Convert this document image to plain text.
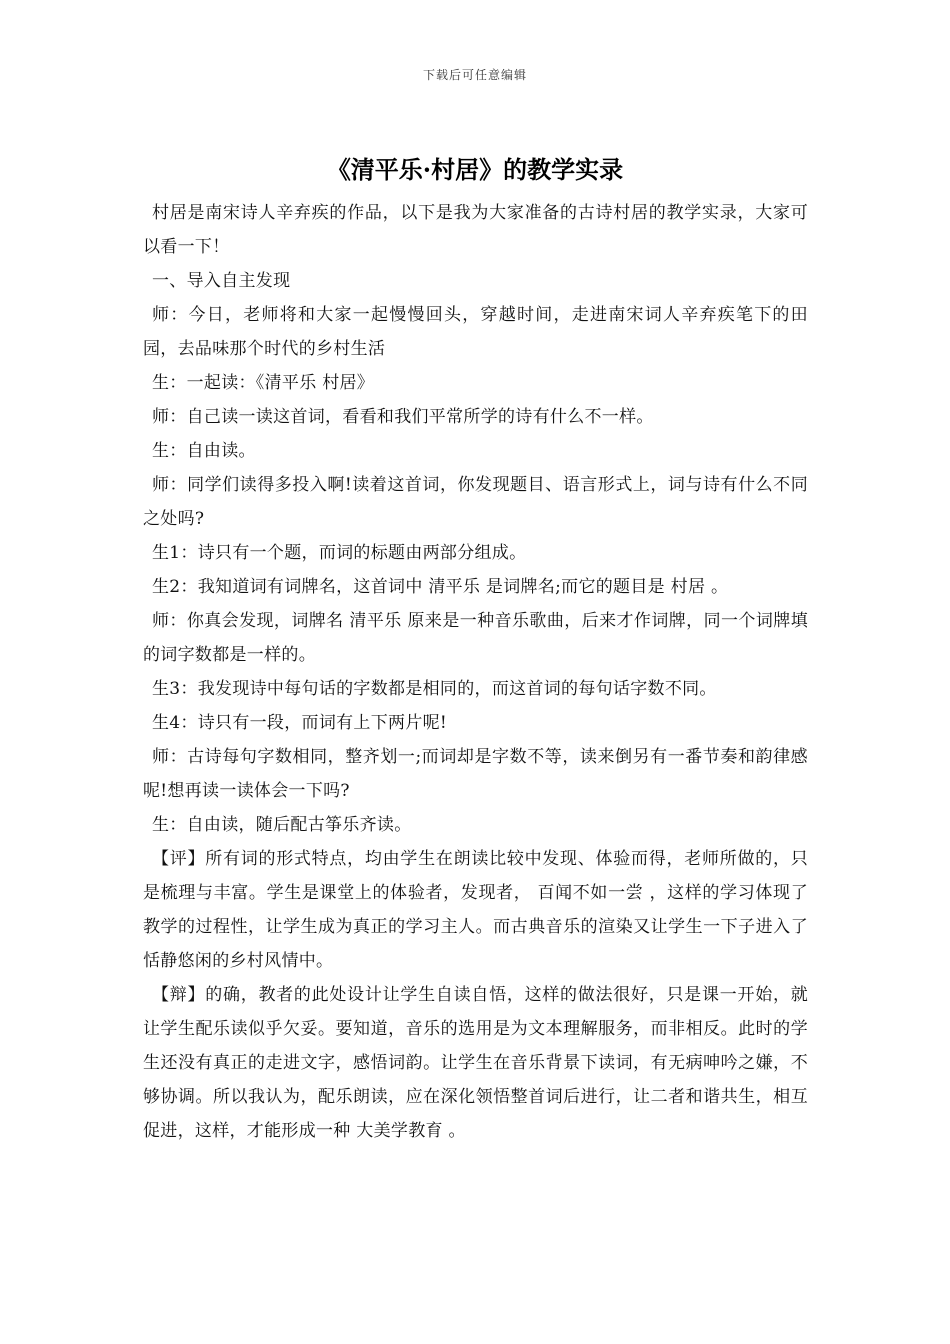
下载后可任意编辑
《清平乐·村居》的教学实录

村居是南宋诗人辛弃疾的作品，以下是我为大家准备的古诗村居的教学实录，大家可以看一下！

一、导入自主发现

师：今日，老师将和大家一起慢慢回头，穿越时间，走进南宋词人辛弃疾笔下的田园，去品味那个时代的乡村生活

生：一起读：《清平乐 村居》

师：自己读一读这首词，看看和我们平常所学的诗有什么不一样。

生：自由读。

师：同学们读得多投入啊!读着这首词，你发现题目、语言形式上，词与诗有什么不同之处吗?

生1：诗只有一个题，而词的标题由两部分组成。

生2：我知道词有词牌名，这首词中 清平乐 是词牌名;而它的题目是 村居 。

师：你真会发现，词牌名 清平乐 原来是一种音乐歌曲，后来才作词牌，同一个词牌填的词字数都是一样的。

生3：我发现诗中每句话的字数都是相同的，而这首词的每句话字数不同。

生4：诗只有一段，而词有上下两片呢!

师：古诗每句字数相同，整齐划一;而词却是字数不等，读来倒另有一番节奏和韵律感呢!想再读一读体会一下吗?

生：自由读，随后配古筝乐齐读。

【评】所有词的形式特点，均由学生在朗读比较中发现、体验而得，老师所做的，只是梳理与丰富。学生是课堂上的体验者，发现者， 百闻不如一尝 ，这样的学习体现了教学的过程性，让学生成为真正的学习主人。而古典音乐的渲染又让学生一下子进入了恬静悠闲的乡村风情中。

【辩】的确，教者的此处设计让学生自读自悟，这样的做法很好，只是课一开始，就让学生配乐读似乎欠妥。要知道，音乐的选用是为文本理解服务，而非相反。此时的学生还没有真正的走进文字，感悟词韵。让学生在音乐背景下读词，有无病呻吟之嫌，不够协调。所以我认为，配乐朗读，应在深化领悟整首词后进行，让二者和谐共生，相互促进，这样，才能形成一种 大美学教育 。
